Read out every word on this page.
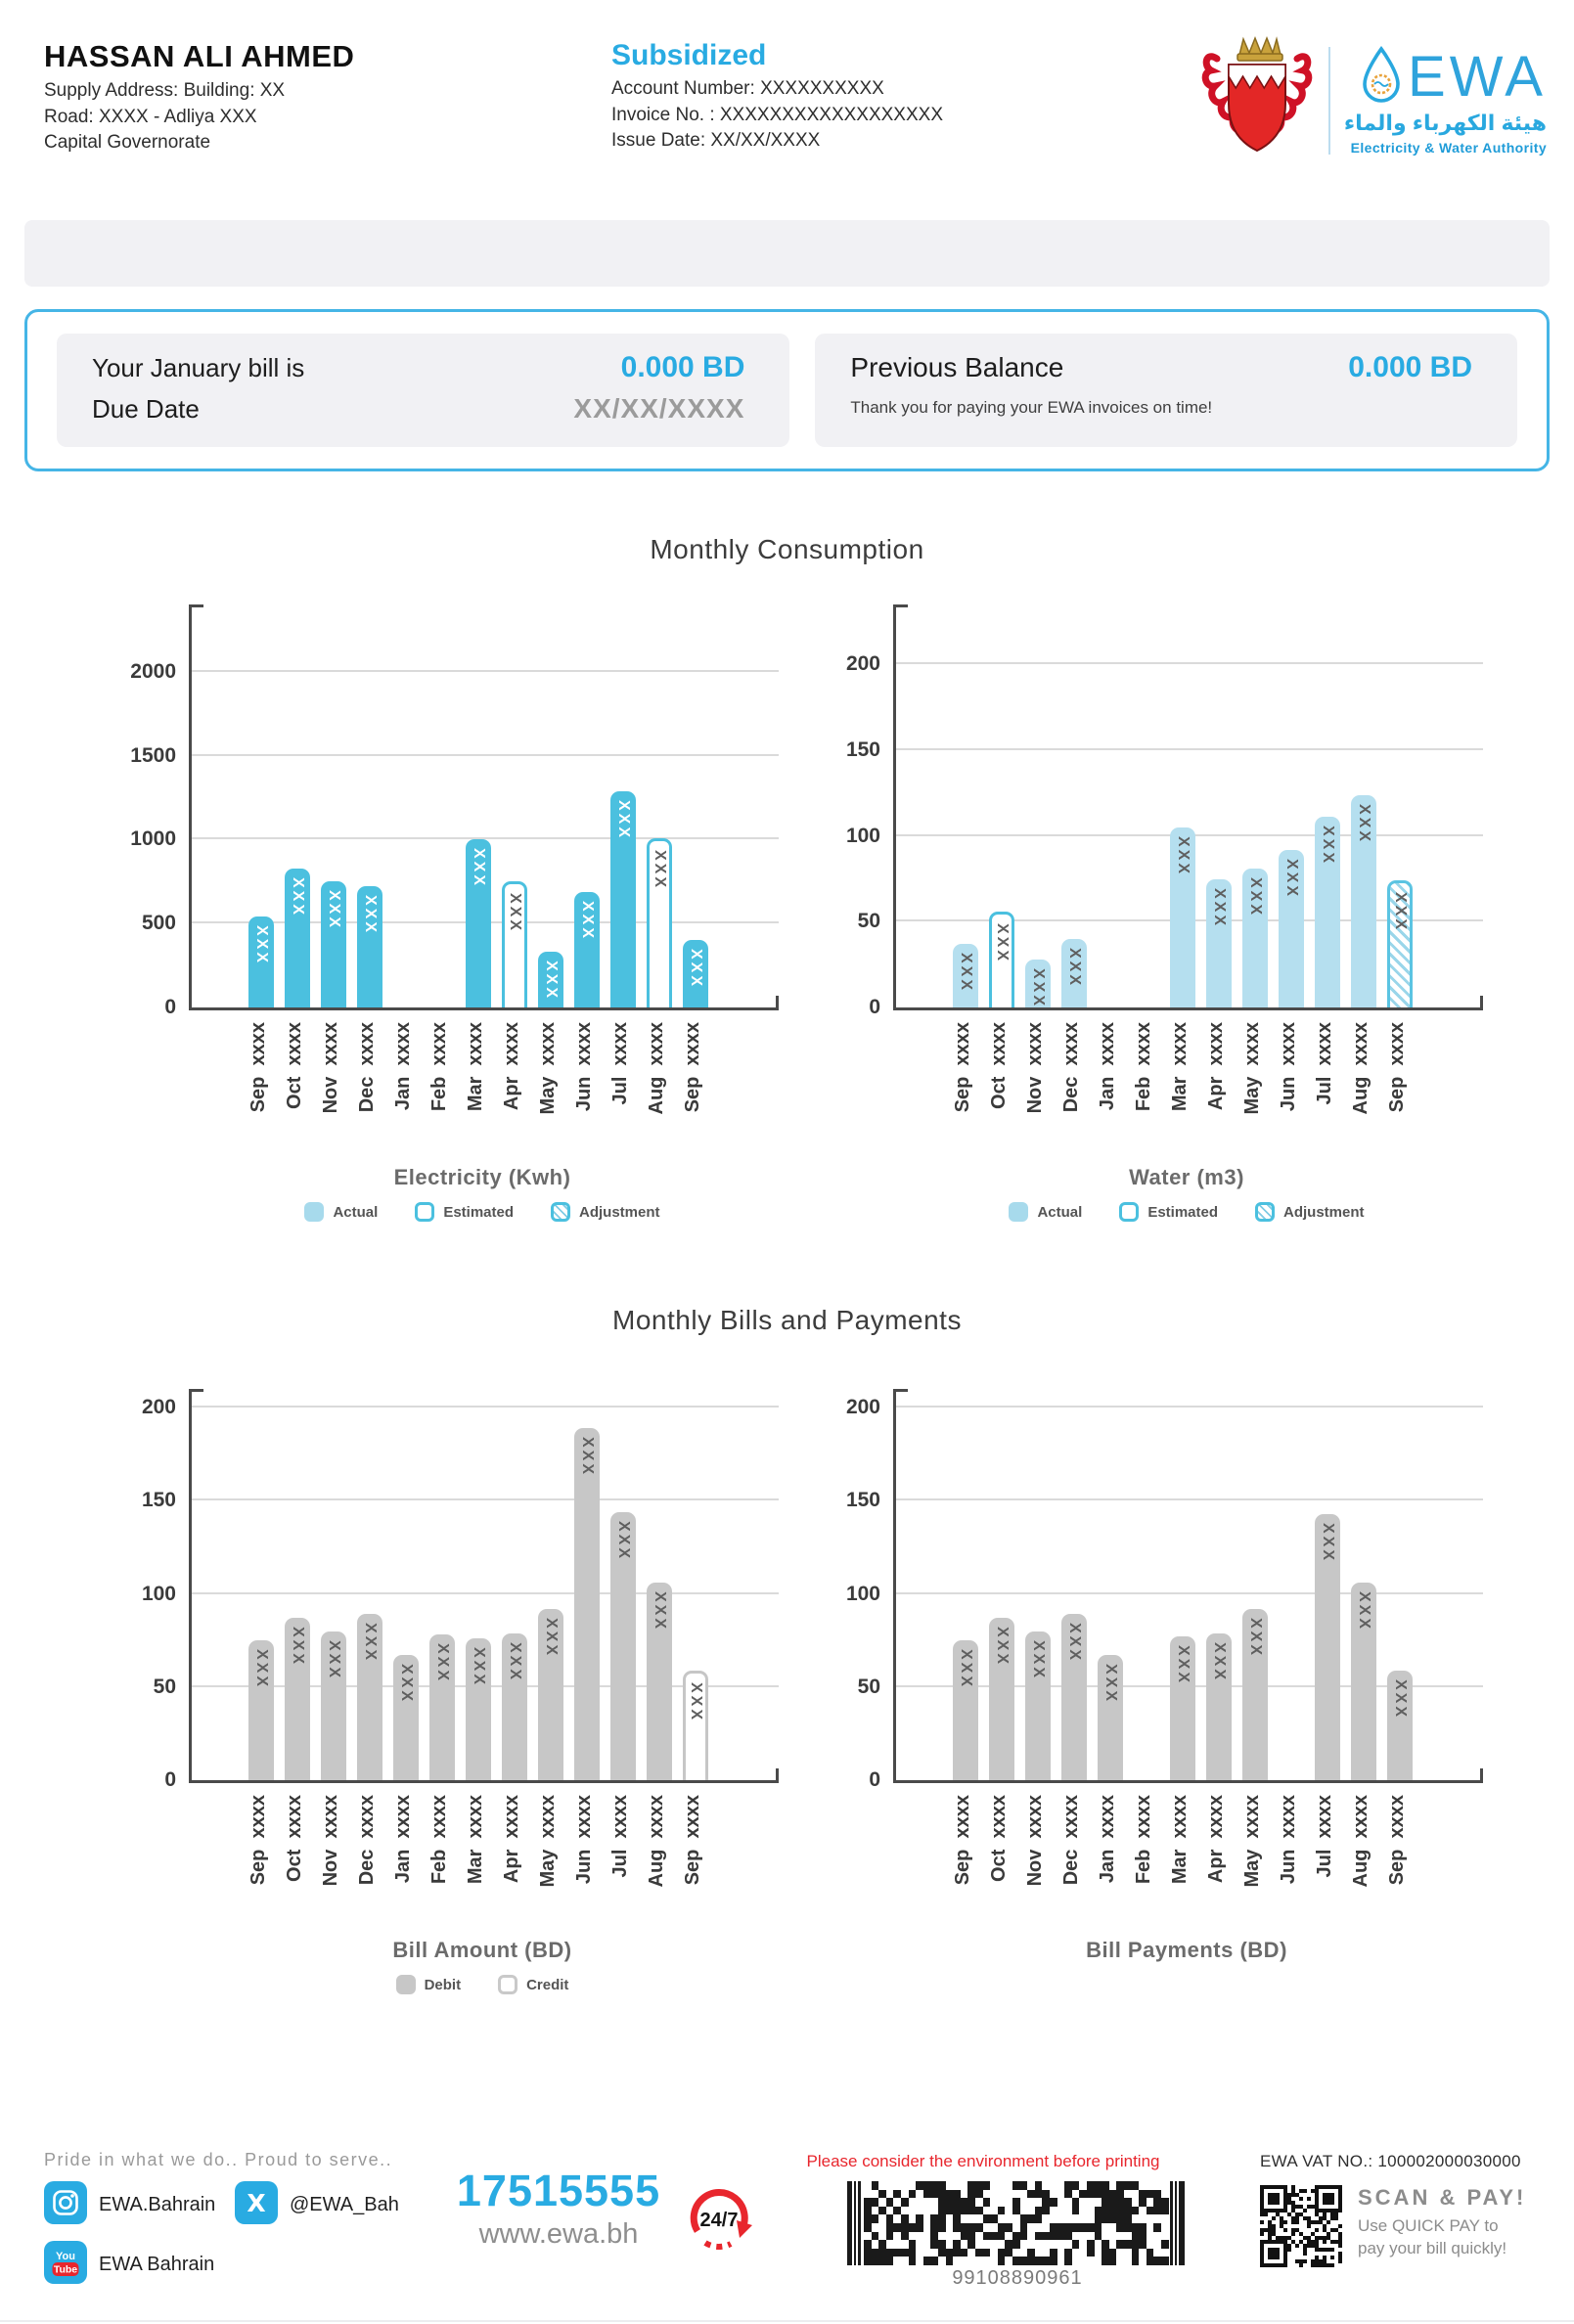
HASSAN ALI AHMED
Supply Address: Building: XX
Road: XXXX - Adliya XXX
Capital Governorate
Subsidized
Account Number: XXXXXXXXXX
Invoice No. : XXXXXXXXXXXXXXXXXX
Issue Date: XX/XX/XXXX
EWA
هيئة الكهرباء والماء
Electricity & Water Authority
Your January bill is	0.000 BD
Due Date	XX/XX/XXXX
Previous Balance	0.000 BD
Thank you for paying your EWA invoices on time!
Monthly Consumption
Monthly Bills and Payments
0
500
1000
1500
2000
XXX
XXX XXX XXX
XXX
XXX
XXX
XXX
XXX
XXX
XXX
Sep  xxxx Oct  xxxx Nov  xxxx Dec  xxxx Jan  xxxx Feb  xxxx Mar  xxxx Apr  xxxx May  xxxx Jun  xxxx Jul  xxxx Aug  xxxx Sep  xxxx
Electricity (Kwh)
Actual	Estimated	Adjustment
0
50
100
150
200
XXX
XXX
XXX
XXX
XXX
XXX XXX XXX
XXX
XXX
XXX
Sep  xxxx Oct  xxxx Nov  xxxx Dec  xxxx Jan  xxxx Feb  xxxx Mar  xxxx Apr  xxxx May  xxxx Jun  xxxx Jul  xxxx Aug  xxxx Sep  xxxx
Water (m3)
Actual	Estimated	Adjustment
0
50
100
150
200
XXX
XXX XXX XXX
XXX
XXX XXX XXX
XXX
XXX
XXX
XXX
XXX
Sep  xxxx Oct  xxxx Nov  xxxx Dec  xxxx Jan  xxxx Feb  xxxx Mar  xxxx Apr  xxxx May  xxxx Jun  xxxx Jul  xxxx Aug  xxxx Sep  xxxx
Bill Amount (BD)
Debit	Credit
0
50
100
150
200
XXX
XXX XXX XXX
XXX	XXX XXX
XXX
XXX
XXX
XXX
Sep  xxxx Oct  xxxx Nov  xxxx Dec  xxxx Jan  xxxx Feb  xxxx Mar  xxxx Apr  xxxx May  xxxx Jun  xxxx Jul  xxxx Aug  xxxx Sep  xxxx
Bill Payments (BD)
Pride in what we do.. Proud to serve..
EWA.Bahrain X @EWA_Bah
You
Tube EWA Bahrain
17515555
www.ewa.bh	24/7
Please consider the environment before printing
99108890961
EWA VAT NO.: 100002000030000
SCAN & PAY!
Use QUICK PAY to
pay your bill quickly!
